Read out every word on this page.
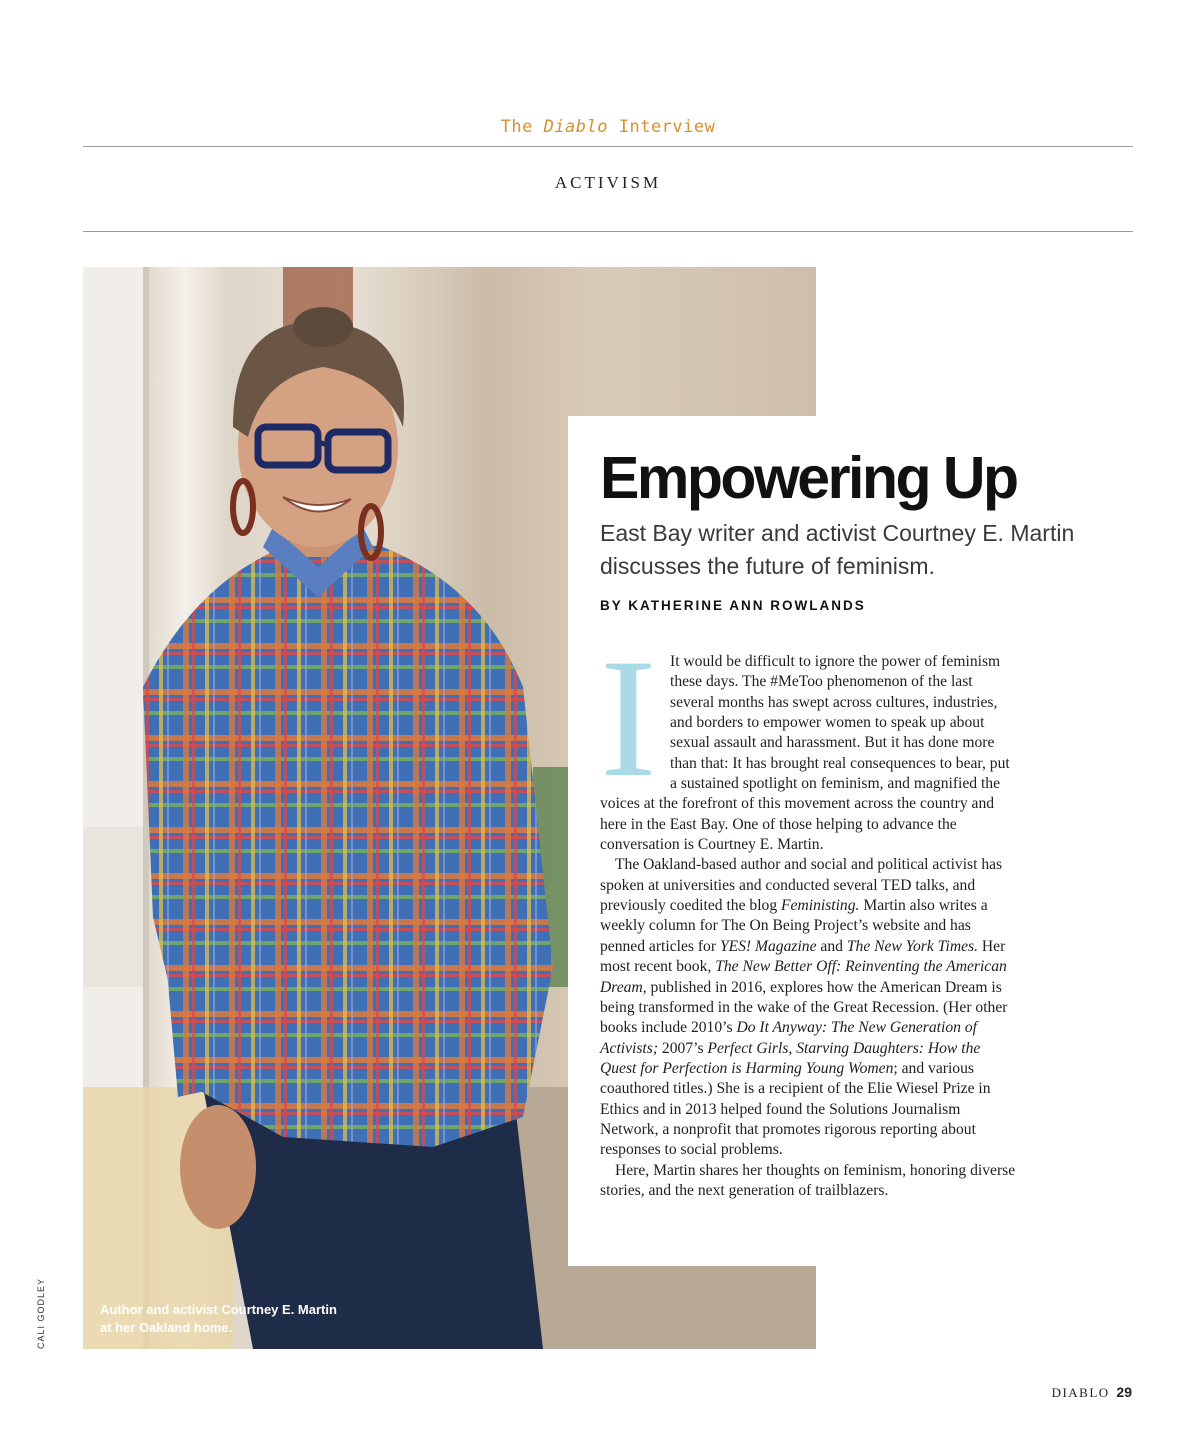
The Diablo Interview
ACTIVISM
Author and activist Courtney E. Martin
at her Oakland home.
CALI GODLEY
Empowering Up

East Bay writer and activist Courtney E. Martin discusses the future of feminism.

BY KATHERINE ANN ROWLANDS

I It would be difficult to ignore the power of feminism these days. The #MeToo phenomenon of the last several months has swept across cultures, industries, and borders to empower women to speak up about sexual assault and harassment. But it has done more than that: It has brought real consequences to bear, put a sustained spotlight on feminism, and magnified the voices at the forefront of this movement across the country and here in the East Bay. One of those helping to advance the conversation is Courtney E. Martin.

The Oakland-based author and social and political activist has spoken at universities and conducted several TED talks, and previously coedited the blog Feministing. Martin also writes a weekly column for The On Being Project’s website and has penned articles for YES! Magazine and The New York Times. Her most recent book, The New Better Off: Reinventing the American Dream, published in 2016, explores how the American Dream is being transformed in the wake of the Great Recession. (Her other books include 2010’s Do It Anyway: The New Generation of Activists; 2007’s Perfect Girls, Starving Daughters: How the Quest for Perfection is Harming Young Women; and various coauthored titles.) She is a recipient of the Elie Wiesel Prize in Ethics and in 2013 helped found the Solutions Journalism Network, a nonprofit that promotes rigorous reporting about responses to social problems.

Here, Martin shares her thoughts on feminism, honoring diverse stories, and the next generation of trailblazers.

DIABLO 29
